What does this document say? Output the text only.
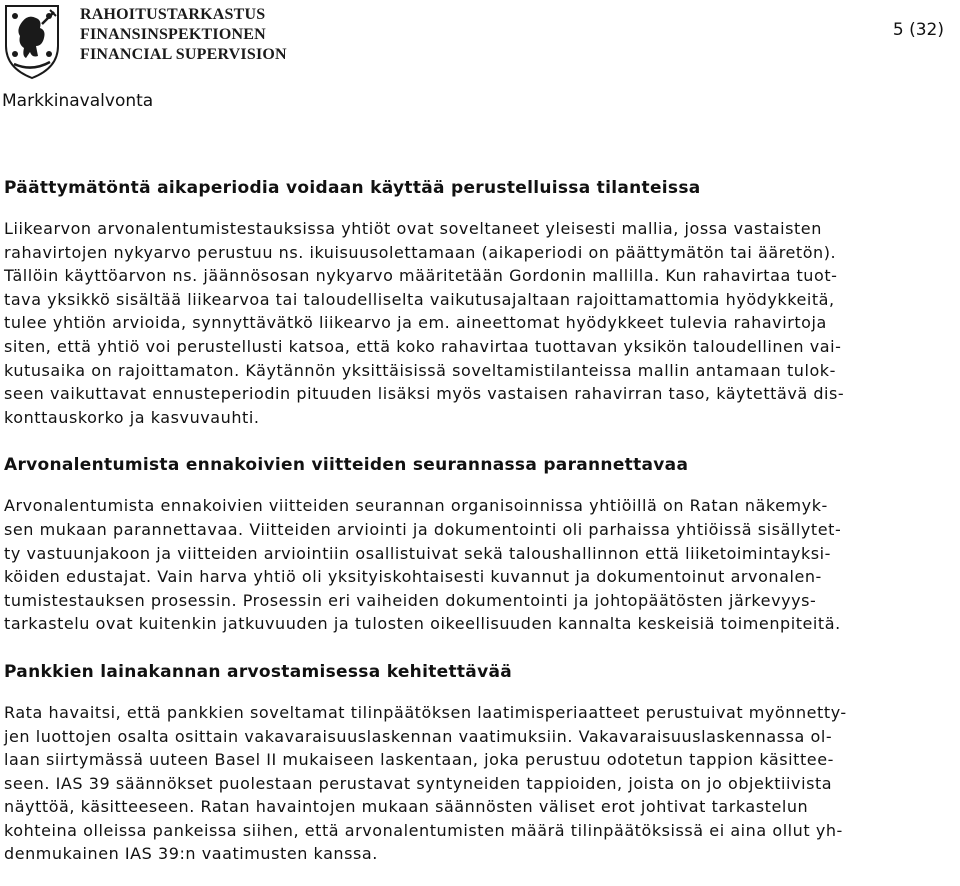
RAHOITUSTARKASTUS
FINANSINSPEKTIONEN
FINANCIAL SUPERVISION
5 (32)
Markkinavalvonta
Päättymätöntä aikaperiodia voidaan käyttää perustelluissa tilanteissa

Liikearvon arvonalentumistestauksissa yhtiöt ovat soveltaneet yleisesti mallia, jossa vastaisten
rahavirtojen nykyarvo perustuu ns. ikuisuusolettamaan (aikaperiodi on päättymätön tai ääretön).
Tällöin käyttöarvon ns. jäännösosan nykyarvo määritetään Gordonin mallilla. Kun rahavirtaa tuot-
tava yksikkö sisältää liikearvoa tai taloudelliselta vaikutusajaltaan rajoittamattomia hyödykkeitä,
tulee yhtiön arvioida, synnyttävätkö liikearvo ja em. aineettomat hyödykkeet tulevia rahavirtoja
siten, että yhtiö voi perustellusti katsoa, että koko rahavirtaa tuottavan yksikön taloudellinen vai-
kutusaika on rajoittamaton. Käytännön yksittäisissä soveltamistilanteissa mallin antamaan tulok-
seen vaikuttavat ennusteperiodin pituuden lisäksi myös vastaisen rahavirran taso, käytettävä dis-
konttauskorko ja kasvuvauhti.

Arvonalentumista ennakoivien viitteiden seurannassa parannettavaa

Arvonalentumista ennakoivien viitteiden seurannan organisoinnissa yhtiöillä on Ratan näkemyk-
sen mukaan parannettavaa. Viitteiden arviointi ja dokumentointi oli parhaissa yhtiöissä sisällytet-
ty vastuunjakoon ja viitteiden arviointiin osallistuivat sekä taloushallinnon että liiketoimintayksi-
köiden edustajat. Vain harva yhtiö oli yksityiskohtaisesti kuvannut ja dokumentoinut arvonalen-
tumistestauksen prosessin. Prosessin eri vaiheiden dokumentointi ja johtopäätösten järkevyys-
tarkastelu ovat kuitenkin jatkuvuuden ja tulosten oikeellisuuden kannalta keskeisiä toimenpiteitä.

Pankkien lainakannan arvostamisessa kehitettävää

Rata havaitsi, että pankkien soveltamat tilinpäätöksen laatimisperiaatteet perustuivat myönnetty-
jen luottojen osalta osittain vakavaraisuuslaskennan vaatimuksiin. Vakavaraisuuslaskennassa ol-
laan siirtymässä uuteen Basel II mukaiseen laskentaan, joka perustuu odotetun tappion käsittee-
seen. IAS 39 säännökset puolestaan perustavat syntyneiden tappioiden, joista on jo objektiivista
näyttöä, käsitteeseen. Ratan havaintojen mukaan säännösten väliset erot johtivat tarkastelun
kohteina olleissa pankeissa siihen, että arvonalentumisten määrä tilinpäätöksissä ei aina ollut yh-
denmukainen IAS 39:n vaatimusten kanssa.
